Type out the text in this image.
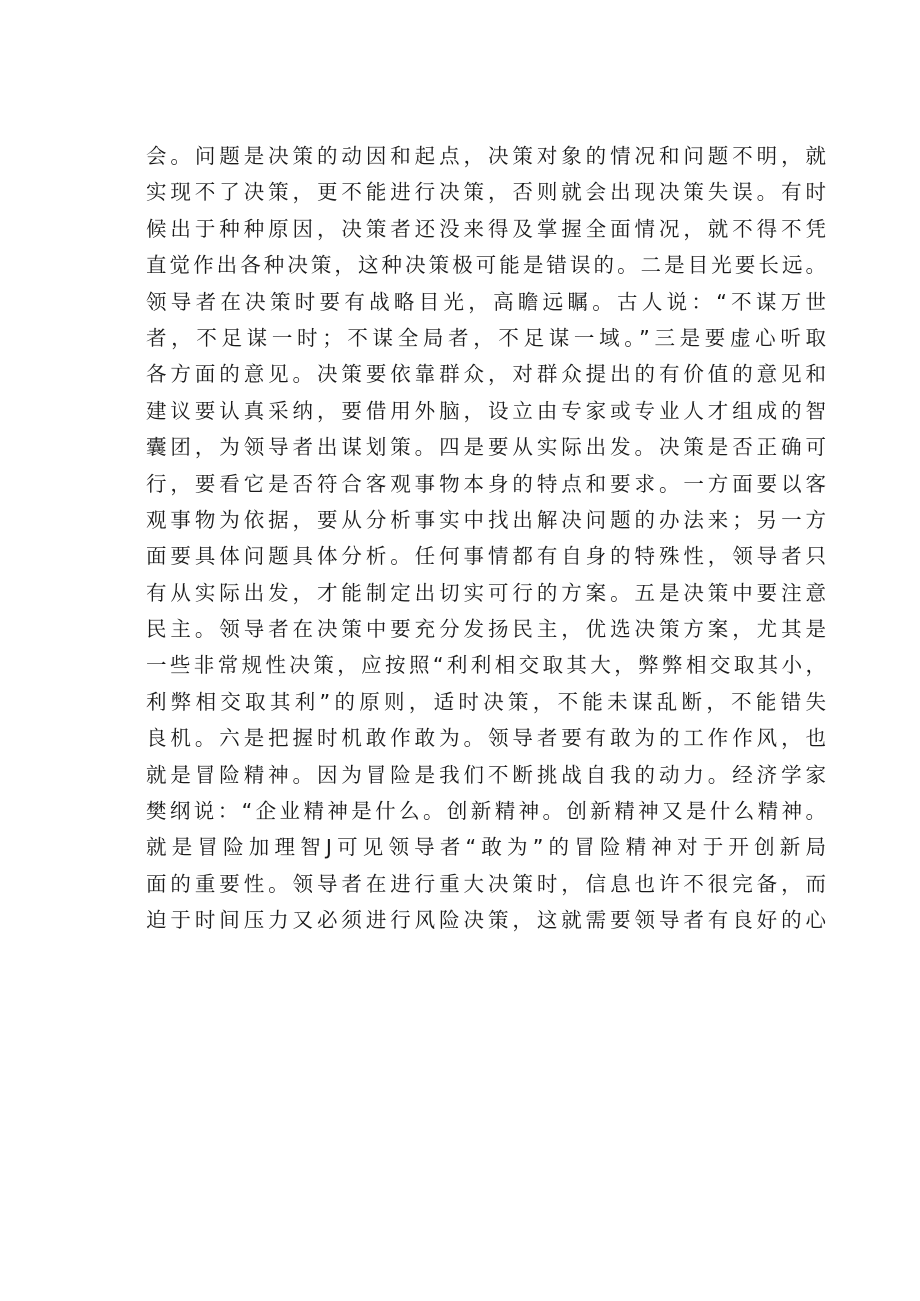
会。问题是决策的动因和起点，决策对象的情况和问题不明，就
实现不了决策，更不能进行决策，否则就会出现决策失误。有时
候出于种种原因，决策者还没来得及掌握全面情况，就不得不凭
直觉作出各种决策，这种决策极可能是错误的。二是目光要长远。
领导者在决策时要有战略目光，高瞻远瞩。古人说：“不谋万世
者，不足谋一时；不谋全局者，不足谋一域。”三是要虚心听取
各方面的意见。决策要依靠群众，对群众提出的有价值的意见和
建议要认真采纳，要借用外脑，设立由专家或专业人才组成的智
囊团，为领导者出谋划策。四是要从实际出发。决策是否正确可
行，要看它是否符合客观事物本身的特点和要求。一方面要以客
观事物为依据，要从分析事实中找出解决问题的办法来；另一方
面要具体问题具体分析。任何事情都有自身的特殊性，领导者只
有从实际出发，才能制定出切实可行的方案。五是决策中要注意
民主。领导者在决策中要充分发扬民主，优选决策方案，尤其是
一些非常规性决策，应按照“利利相交取其大，弊弊相交取其小，
利弊相交取其利”的原则，适时决策，不能未谋乱断，不能错失
良机。六是把握时机敢作敢为。领导者要有敢为的工作作风，也
就是冒险精神。因为冒险是我们不断挑战自我的动力。经济学家
樊纲说：“企业精神是什么。创新精神。创新精神又是什么精神。
就是冒险加理智J可见领导者“敢为”的冒险精神对于开创新局
面的重要性。领导者在进行重大决策时，信息也许不很完备，而
迫于时间压力又必须进行风险决策，这就需要领导者有良好的心
